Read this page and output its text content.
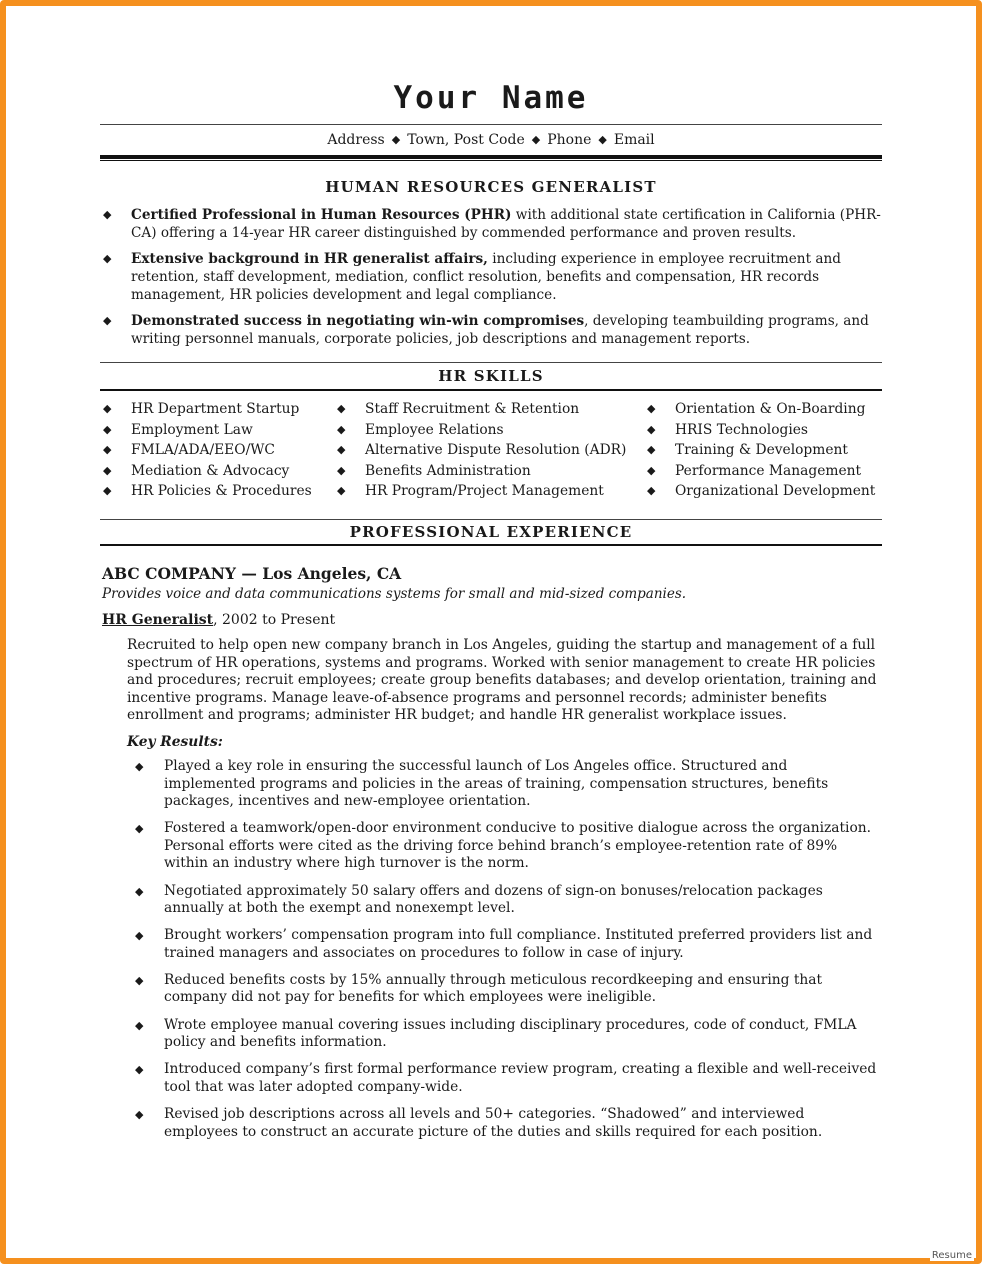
Your Name
Address ◆ Town, Post Code ◆ Phone ◆ Email
HUMAN RESOURCES GENERALIST
◆ Certified Professional in Human Resources (PHR) with additional state certification in California (PHR-CA) offering a 14-year HR career distinguished by commended performance and proven results.
◆ Extensive background in HR generalist affairs, including experience in employee recruitment and retention, staff development, mediation, conflict resolution, benefits and compensation, HR records management, HR policies development and legal compliance.
◆ Demonstrated success in negotiating win-win compromises, developing teambuilding programs, and writing personnel manuals, corporate policies, job descriptions and management reports.
HR SKILLS
◆ HR Department Startup
◆ Employment Law
◆ FMLA/ADA/EEO/WC
◆ Mediation & Advocacy
◆ HR Policies & Procedures
◆ Staff Recruitment & Retention
◆ Employee Relations
◆ Alternative Dispute Resolution (ADR)
◆ Benefits Administration
◆ HR Program/Project Management
◆ Orientation & On-Boarding
◆ HRIS Technologies
◆ Training & Development
◆ Performance Management
◆ Organizational Development
PROFESSIONAL EXPERIENCE
ABC COMPANY — Los Angeles, CA
Provides voice and data communications systems for small and mid-sized companies.
HR Generalist, 2002 to Present
Recruited to help open new company branch in Los Angeles, guiding the startup and management of a full spectrum of HR operations, systems and programs. Worked with senior management to create HR policies and procedures; recruit employees; create group benefits databases; and develop orientation, training and incentive programs. Manage leave-of-absence programs and personnel records; administer benefits enrollment and programs; administer HR budget; and handle HR generalist workplace issues.
Key Results:
◆ Played a key role in ensuring the successful launch of Los Angeles office. Structured and implemented programs and policies in the areas of training, compensation structures, benefits packages, incentives and new-employee orientation.
◆ Fostered a teamwork/open-door environment conducive to positive dialogue across the organization. Personal efforts were cited as the driving force behind branch’s employee-retention rate of 89% within an industry where high turnover is the norm.
◆ Negotiated approximately 50 salary offers and dozens of sign-on bonuses/relocation packages annually at both the exempt and nonexempt level.
◆ Brought workers’ compensation program into full compliance. Instituted preferred providers list and trained managers and associates on procedures to follow in case of injury.
◆ Reduced benefits costs by 15% annually through meticulous recordkeeping and ensuring that company did not pay for benefits for which employees were ineligible.
◆ Wrote employee manual covering issues including disciplinary procedures, code of conduct, FMLA policy and benefits information.
◆ Introduced company’s first formal performance review program, creating a flexible and well-received tool that was later adopted company-wide.
◆ Revised job descriptions across all levels and 50+ categories. “Shadowed” and interviewed employees to construct an accurate picture of the duties and skills required for each position.
Resume
